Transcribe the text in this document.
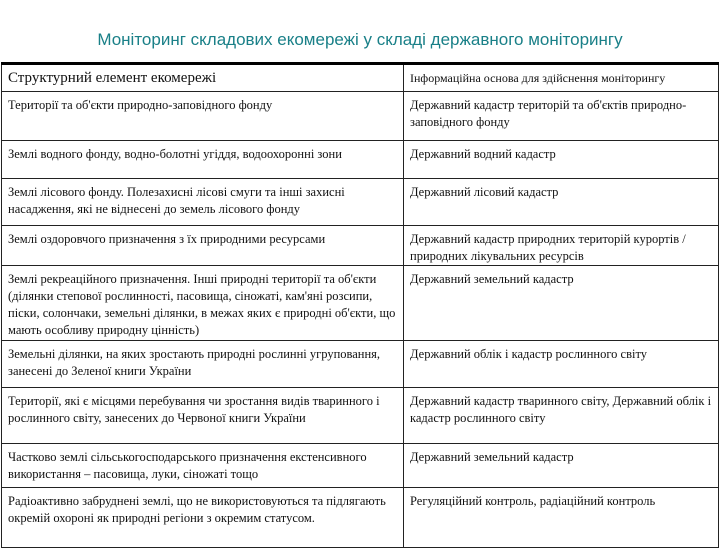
Моніторинг складових екомережі у складі державного моніторингу
Структурний елемент екомережі	Інформаційна основа для здійснення моніторингу
Території та об'єкти природно-заповідного фонду	Державний кадастр територій та об'єктів природно-заповідного фонду
Землі водного фонду, водно-болотні угіддя, водоохоронні зони	Державний водний кадастр
Землі лісового фонду. Полезахисні лісові смуги та інші захисні насадження, які не віднесені до земель лісового фонду	Державний лісовий кадастр
Землі оздоровчого призначення з їх природними ресурсами	Державний кадастр природних територій курортів / природних лікувальних ресурсів
Землі рекреаційного призначення. Інші природні території та об'єкти (ділянки степової рослинності, пасовища, сіножаті, кам'яні розсипи, піски, солончаки, земельні ділянки, в межах яких є природні об'єкти, що мають особливу природну цінність)	Державний земельний кадастр
Земельні ділянки, на яких зростають природні рослинні угруповання, занесені до Зеленої книги України	Державний облік і кадастр рослинного світу
Території, які є місцями перебування чи зростання видів тваринного і рослинного світу, занесених до Червоної книги України	Державний кадастр тваринного світу, Державний облік і кадастр рослинного світу
Частково землі сільськогосподарського призначення екстенсивного використання – пасовища, луки, сіножаті тощо	Державний земельний кадастр
Радіоактивно забруднені землі, що не використовуються та підлягають окремій охороні як природні регіони з окремим статусом.	Регуляційний контроль, радіаційний контроль
